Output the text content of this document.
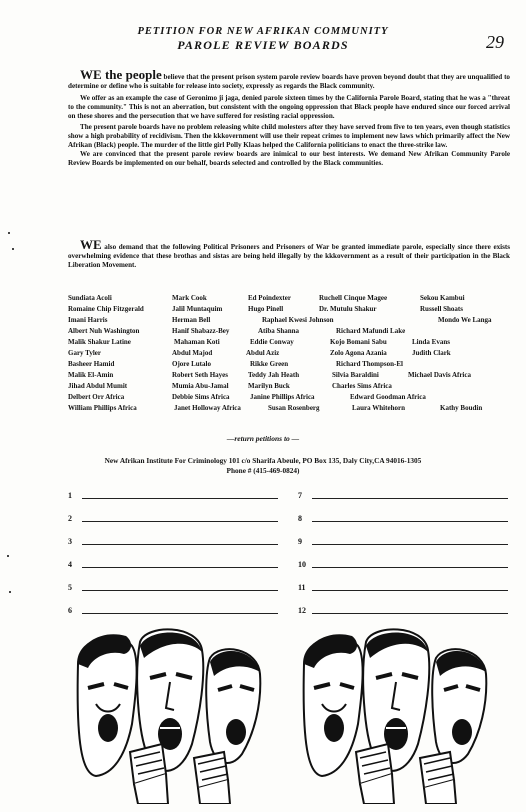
PETITION FOR NEW AFRIKAN COMMUNITY
PAROLE REVIEW BOARDS	29

WE the people believe that the present prison system parole review boards have proven beyond doubt that they are unqualified to determine or define who is suitable for release into society, expressly as regards the Black community.

We offer as an example the case of Geronimo ji jaga, denied parole sixteen times by the California Parole Board, stating that he was a "threat to the community." This is not an aberration, but consistent with the ongoing oppression that Black people have endured since our forced arrival on these shores and the persecution that we have suffered for resisting racial oppression.

The present parole boards have no problem releasing white child molesters after they have served from five to ten years, even though statistics show a high probability of recidivism. Then the kkkovernment will use their repeat crimes to implement new laws which primarily affect the New Afrikan (Black) people. The murder of the little girl Polly Klaas helped the California politicians to enact the three-strike law.

We are convinced that the present parole review boards are inimical to our best interests. We demand New Afrikan Community Parole Review Boards be implemented on our behalf, boards selected and controlled by the Black communities.

WE also demand that the following Political Prisoners and Prisoners of War be granted immediate parole, especially since there exists overwhelming evidence that these brothas and sistas are being held illegally by the kkkovernment as a result of their participation in the Black Liberation Movement.

Sundiata Acoli	Mark Cook	Ed Poindexter	Ruchell Cinque Magee	Sekou Kambui
Romaine Chip Fitzgerald	Jalil Muntaquim	Hugo Pinell	Dr. Mutulu Shakur	Russell Shoats
Imani Harris	Herman Bell	Raphael Kwesi Johnson	Mondo We Langa
Albert Nuh Washington	Hanif Shabazz-Bey	Atiba Shanna	Richard Mafundi Lake
Malik Shakur Latine	Mahaman Koti	Eddie Conway	Kojo Bomani Sabu	Linda Evans
Gary Tyler	Abdul Majod	Abdul Aziz	Zolo Agona Azania	Judith Clark
Basheer Hamid	Ojore Lutalo	Rikke Green	Richard Thompson-El
Malik El-Amin	Robert Seth Hayes	Teddy Jah Heath	Silvia Baraldini	Michael Davis Africa
Jihad Abdul Mumit	Mumia Abu-Jamal	Marilyn Buck	Charles Sims Africa
Delbert Orr Africa	Debbie Sims Africa	Janine Phillips Africa	Edward Goodman Africa
William Phillips Africa	Janet Holloway Africa	Susan Rosenberg	Laura Whitehorn	Kathy Boudin
—return petitions to —
New Afrikan Institute For Criminology 101 c/o Sharifa Abeule, PO Box 135, Daly City,CA 94016-1305
Phone # (415-469-0824)
1
2
3
4
5
6
7
8
9
10
11
12
